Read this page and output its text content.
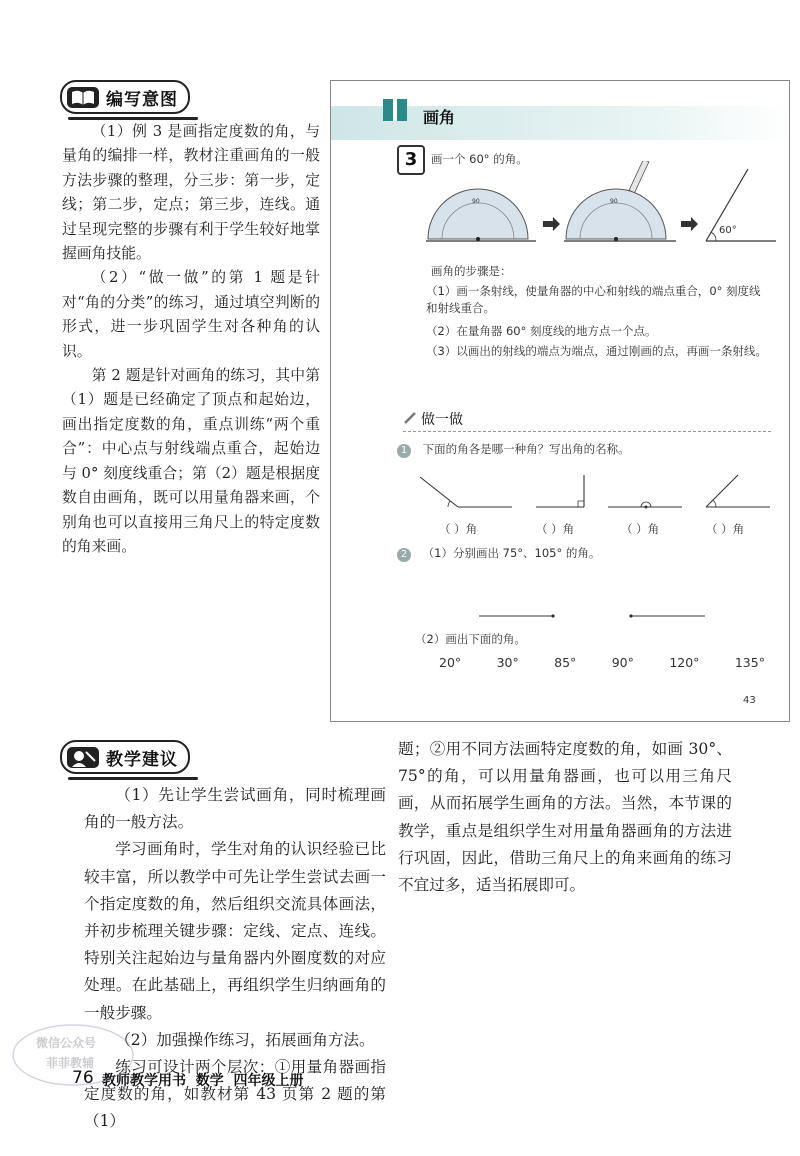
编写意图

（1）例 3 是画指定度数的角，与量角的编排一样，教材注重画角的一般方法步骤的整理，分三步：第一步，定线；第二步，定点；第三步，连线。通过呈现完整的步骤有利于学生较好地掌握画角技能。

（2）“做一做”的第 1 题是针对“角的分类”的练习，通过填空判断的形式，进一步巩固学生对各种角的认识。

第 2 题是针对画角的练习，其中第（1）题是已经确定了顶点和起始边，画出指定度数的角，重点训练“两个重合”：中心点与射线端点重合，起始边与 0° 刻度线重合；第（2）题是根据度数自由画角，既可以用量角器来画，个别角也可以直接用三角尺上的特定度数的角来画。

画角
3	画一个 60° 的角。
90	90
60°
画角的步骤是：
（1）画一条射线，使量角器的中心和射线的端点重合，0° 刻度线和射线重合。
（2）在量角器 60° 刻度线的地方点一个点。
（3）以画出的射线的端点为端点，通过刚画的点，再画一条射线。
做一做
1 下面的角各是哪一种角？写出角的名称。
（ ）角	（ ）角	（ ）角	（ ）角
2 （1）分别画出 75°、105° 的角。
（2）画出下面的角。
20°	30°	85°	90°	120°	135°
43
教学建议

（1）先让学生尝试画角，同时梳理画角的一般方法。

学习画角时，学生对角的认识经验已比较丰富，所以教学中可先让学生尝试去画一个指定度数的角，然后组织交流具体画法，并初步梳理关键步骤：定线、定点、连线。特别关注起始边与量角器内外圈度数的对应处理。在此基础上，再组织学生归纳画角的一般步骤。

（2）加强操作练习，拓展画角方法。

练习可设计两个层次：①用量角器画指定度数的角，如教材第 43 页第 2 题的第（1）

题；②用不同方法画特定度数的角，如画 30°、75°的角，可以用量角器画，也可以用三角尺画，从而拓展学生画角的方法。当然，本节课的教学，重点是组织学生对用量角器画角的方法进行巩固，因此，借助三角尺上的角来画角的练习不宜过多，适当拓展即可。

76 教师教学用书  数学  四年级上册
微信公众号
菲菲教辅
